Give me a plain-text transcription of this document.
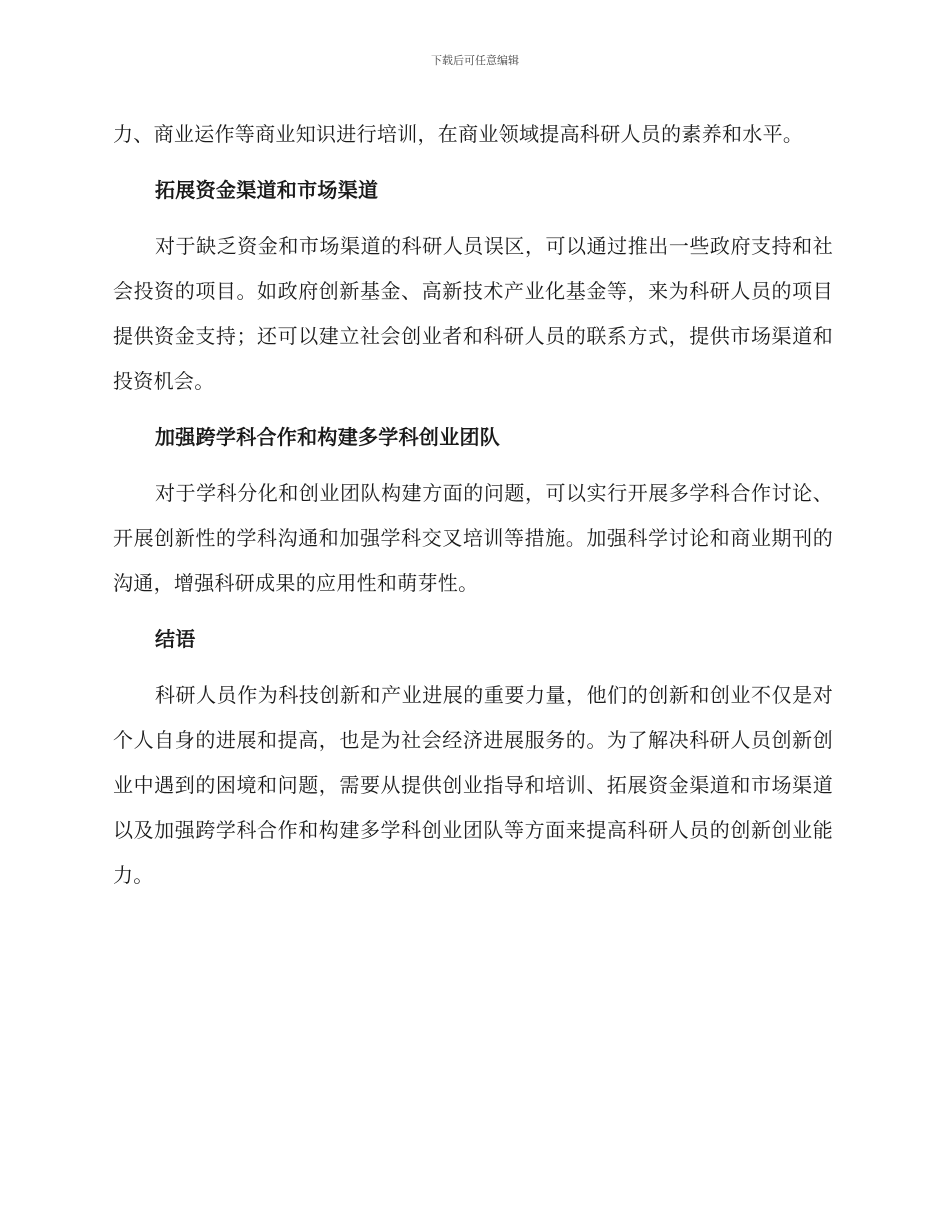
下载后可任意编辑

力、商业运作等商业知识进行培训，在商业领域提高科研人员的素养和水平。

拓展资金渠道和市场渠道

对于缺乏资金和市场渠道的科研人员误区，可以通过推出一些政府支持和社会投资的项目。如政府创新基金、高新技术产业化基金等，来为科研人员的项目提供资金支持；还可以建立社会创业者和科研人员的联系方式，提供市场渠道和投资机会。

加强跨学科合作和构建多学科创业团队

对于学科分化和创业团队构建方面的问题，可以实行开展多学科合作讨论、开展创新性的学科沟通和加强学科交叉培训等措施。加强科学讨论和商业期刊的沟通，增强科研成果的应用性和萌芽性。

结语

科研人员作为科技创新和产业进展的重要力量，他们的创新和创业不仅是对个人自身的进展和提高，也是为社会经济进展服务的。为了解决科研人员创新创业中遇到的困境和问题，需要从提供创业指导和培训、拓展资金渠道和市场渠道以及加强跨学科合作和构建多学科创业团队等方面来提高科研人员的创新创业能力。
